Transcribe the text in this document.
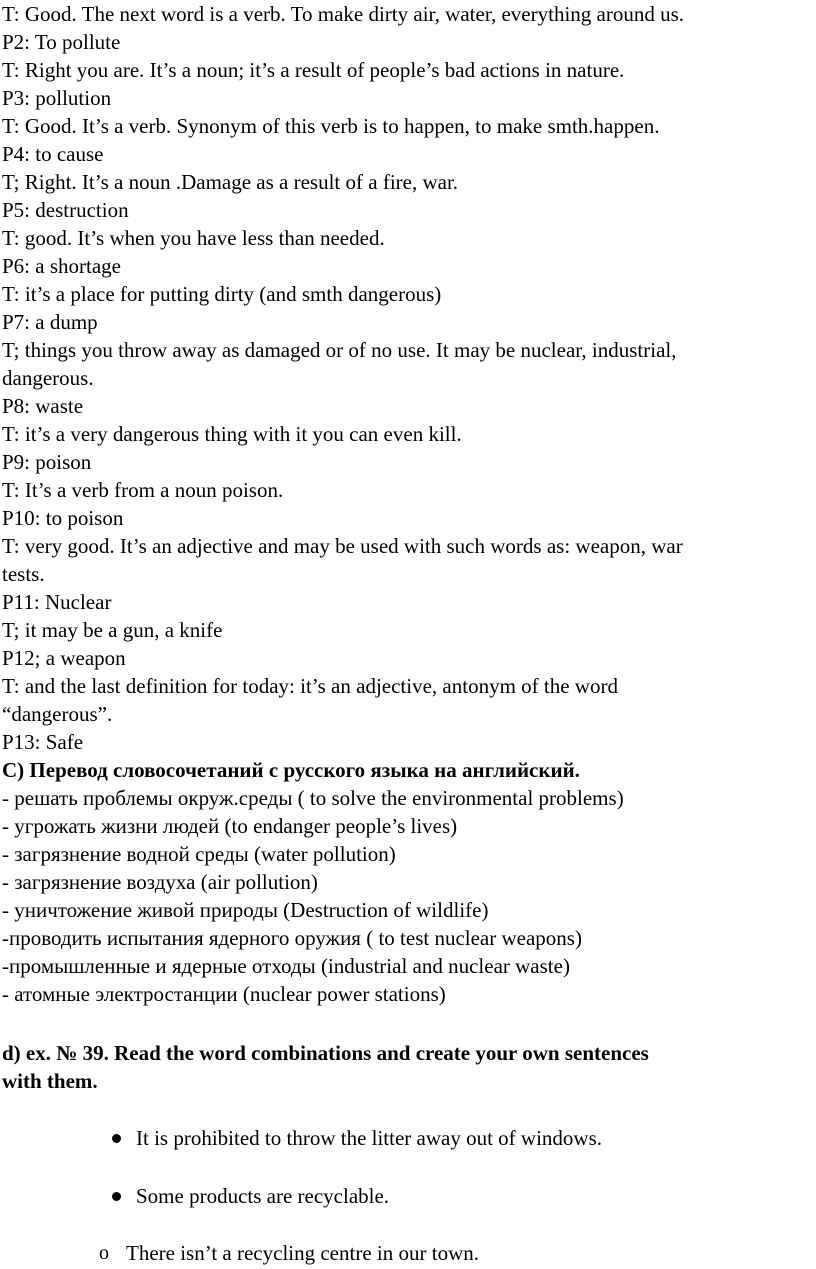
T: Good. The next word is a verb. To make dirty air, water, everything around us.
P2: To pollute
T: Right you are. It’s a noun; it’s a result of people’s bad actions in nature.
P3: pollution
T: Good. It’s a verb. Synonym of this verb is to happen, to make smth.happen.
P4: to cause
T; Right. It’s a noun .Damage as a result of a fire, war.
P5: destruction
T: good. It’s when you have less than needed.
P6: a shortage
T: it’s a place for putting dirty (and smth dangerous)
P7: a dump
T; things you throw away as damaged or of no use. It may be nuclear, industrial,
dangerous.
P8: waste
T: it’s a very dangerous thing with it you can even kill.
P9: poison
T: It’s a verb from a noun poison.
P10: to poison
T: very good. It’s an adjective and may be used with such words as: weapon, war
tests.
P11: Nuclear
T; it may be a gun, a knife
P12; a weapon
T: and the last definition for today: it’s an adjective, antonym of the word
“dangerous”.
P13: Safe
С) Перевод словосочетаний с русского языка на английский.
- решать проблемы окруж.среды ( to solve the environmental problems)
- угрожать жизни людей (to endanger people’s lives)
- загрязнение водной среды (water pollution)
- загрязнение воздуха (air pollution)
- уничтожение живой природы (Destruction of wildlife)
-проводить испытания ядерного оружия ( to test nuclear weapons)
-промышленные и ядерные отходы (industrial and nuclear waste)
- атомные электростанции (nuclear power stations)
d) ex. № 39. Read the word combinations and create your own sentences
with them.
It is prohibited to throw the litter away out of windows.
Some products are recyclable.
o There isn’t a recycling centre in our town.
